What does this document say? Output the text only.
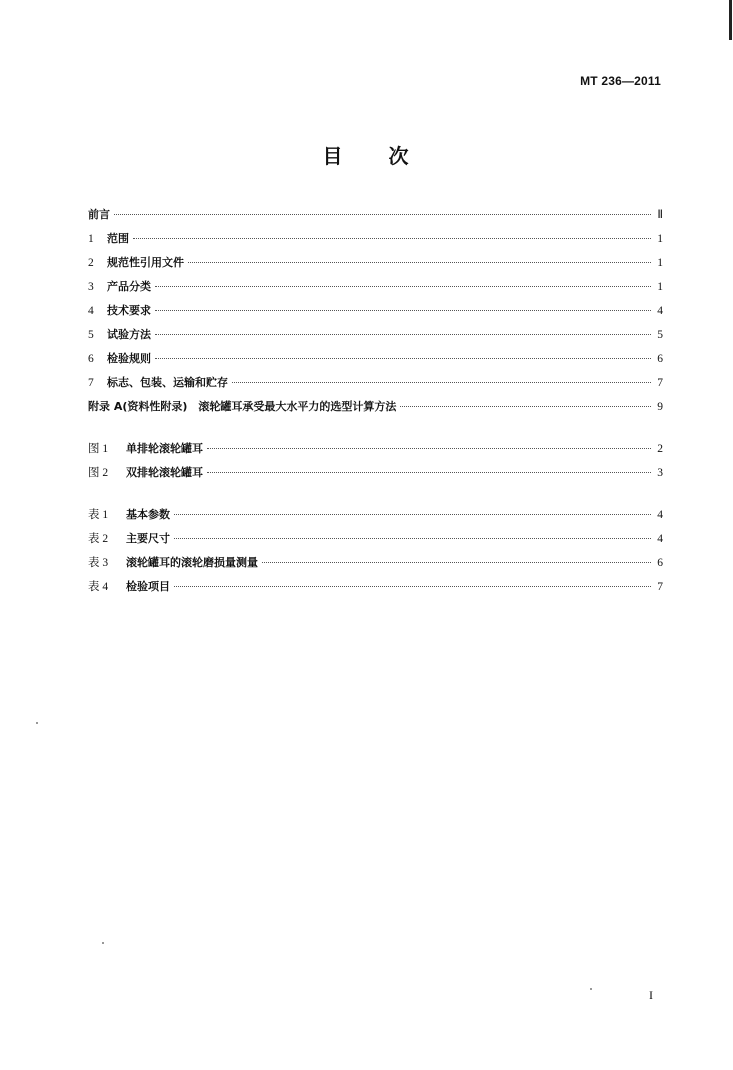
MT 236—2011
目 次
前言	Ⅱ
1	范围	1
2	规范性引用文件	1
3	产品分类	1
4	技术要求	4
5	试验方法	5
6	检验规则	6
7	标志、包装、运输和贮存	7
附录 A(资料性附录)　滚轮罐耳承受最大水平力的选型计算方法	9
图 1	单排轮滚轮罐耳	2
图 2	双排轮滚轮罐耳	3
表 1	基本参数	4
表 2	主要尺寸	4
表 3	滚轮罐耳的滚轮磨损量测量	6
表 4	检验项目	7
I
